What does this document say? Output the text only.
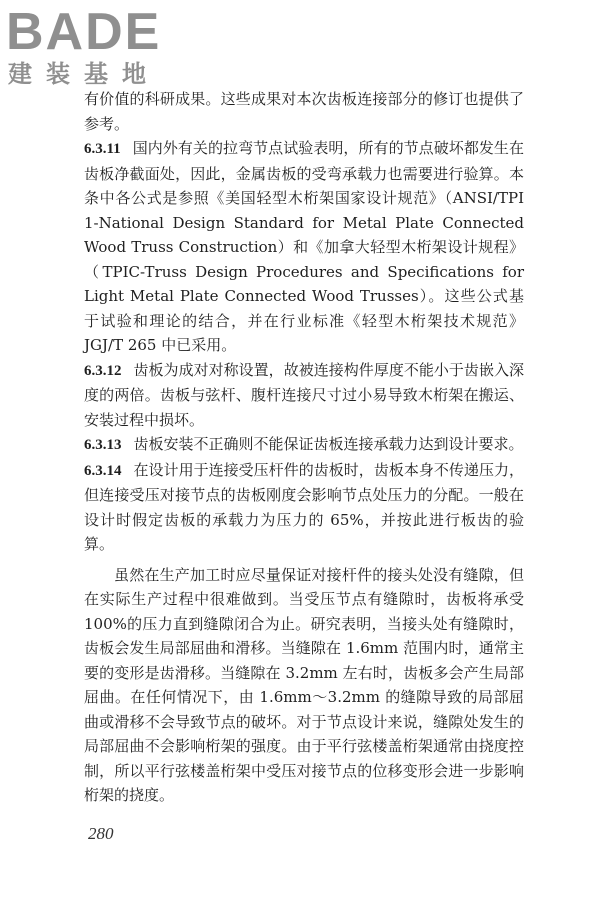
BADE
建装基地

有价值的科研成果。这些成果对本次齿板连接部分的修订也提供了参考。

6.3.11 国内外有关的拉弯节点试验表明，所有的节点破坏都发生在齿板净截面处，因此，金属齿板的受弯承载力也需要进行验算。本条中各公式是参照《美国轻型木桁架国家设计规范》（ANSI/TPI 1-National Design Standard for Metal Plate Connected Wood Truss Construction）和《加拿大轻型木桁架设计规程》（TPIC-Truss Design Procedures and Specifications for Light Metal Plate Connected Wood Trusses）。这些公式基于试验和理论的结合，并在行业标准《轻型木桁架技术规范》JGJ/T 265 中已采用。

6.3.12 齿板为成对对称设置，故被连接构件厚度不能小于齿嵌入深度的两倍。齿板与弦杆、腹杆连接尺寸过小易导致木桁架在搬运、安装过程中损坏。

6.3.13 齿板安装不正确则不能保证齿板连接承载力达到设计要求。

6.3.14 在设计用于连接受压杆件的齿板时，齿板本身不传递压力，但连接受压对接节点的齿板刚度会影响节点处压力的分配。一般在设计时假定齿板的承载力为压力的 65%，并按此进行板齿的验算。

虽然在生产加工时应尽量保证对接杆件的接头处没有缝隙，但在实际生产过程中很难做到。当受压节点有缝隙时，齿板将承受 100%的压力直到缝隙闭合为止。研究表明，当接头处有缝隙时，齿板会发生局部屈曲和滑移。当缝隙在 1.6mm 范围内时，通常主要的变形是齿滑移。当缝隙在 3.2mm 左右时，齿板多会产生局部屈曲。在任何情况下，由 1.6mm～3.2mm 的缝隙导致的局部屈曲或滑移不会导致节点的破坏。对于节点设计来说，缝隙处发生的局部屈曲不会影响桁架的强度。由于平行弦楼盖桁架通常由挠度控制，所以平行弦楼盖桁架中受压对接节点的位移变形会进一步影响桁架的挠度。

280
